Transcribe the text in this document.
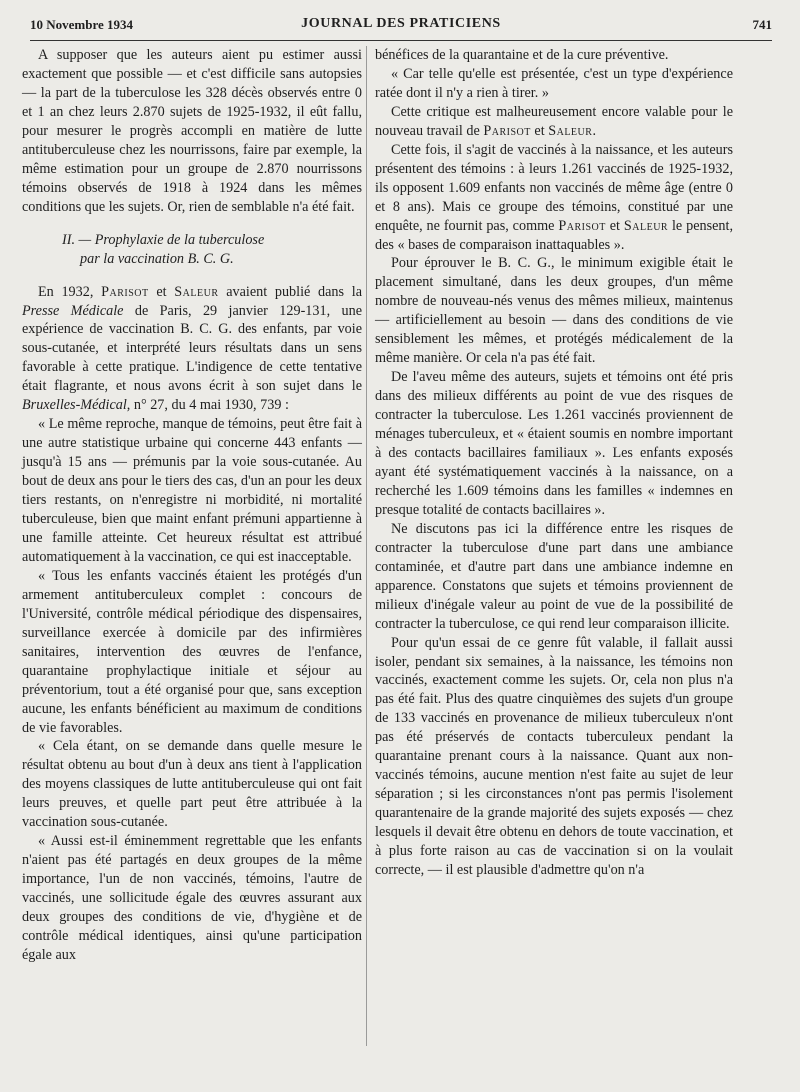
10 Novembre 1934	JOURNAL DES PRATICIENS	741

A supposer que les auteurs aient pu estimer aussi exactement que possible — et c'est difficile sans autopsies — la part de la tuberculose les 328 décès observés entre 0 et 1 an chez leurs 2.870 sujets de 1925-1932, il eût fallu, pour mesurer le progrès accompli en matière de lutte antituberculeuse chez les nourrissons, faire par exemple, la même estimation pour un groupe de 2.870 nourrissons témoins observés de 1918 à 1924 dans les mêmes conditions que les sujets. Or, rien de semblable n'a été fait.

II. — Prophylaxie de la tuberculose
par la vaccination B. C. G.

En 1932, Parisot et Saleur avaient publié dans la Presse Médicale de Paris, 29 janvier 129-131, une expérience de vaccination B. C. G. des enfants, par voie sous-cutanée, et interprété leurs résultats dans un sens favorable à cette pratique. L'indigence de cette tentative était flagrante, et nous avons écrit à son sujet dans le Bruxelles-Médical, n° 27, du 4 mai 1930, 739 :

« Le même reproche, manque de témoins, peut être fait à une autre statistique urbaine qui concerne 443 enfants — jusqu'à 15 ans — prémunis par la voie sous-cutanée. Au bout de deux ans pour le tiers des cas, d'un an pour les deux tiers restants, on n'enregistre ni morbidité, ni mortalité tuberculeuse, bien que maint enfant prémuni appartienne à une famille atteinte. Cet heureux résultat est attribué automatiquement à la vaccination, ce qui est inacceptable.

« Tous les enfants vaccinés étaient les protégés d'un armement antituberculeux complet : concours de l'Université, contrôle médical périodique des dispensaires, surveillance exercée à domicile par des infirmières sanitaires, intervention des œuvres de l'enfance, quarantaine prophylactique initiale et séjour au préventorium, tout a été organisé pour que, sans exception aucune, les enfants bénéficient au maximum de conditions de vie favorables.

« Cela étant, on se demande dans quelle mesure le résultat obtenu au bout d'un à deux ans tient à l'application des moyens classiques de lutte antituberculeuse qui ont fait leurs preuves, et quelle part peut être attribuée à la vaccination sous-cutanée.

« Aussi est-il éminemment regrettable que les enfants n'aient pas été partagés en deux groupes de la même importance, l'un de non vaccinés, témoins, l'autre de vaccinés, une sollicitude égale des œuvres assurant aux deux groupes des conditions de vie, d'hygiène et de contrôle médical identiques, ainsi qu'une participation égale aux

bénéfices de la quarantaine et de la cure préventive.

« Car telle qu'elle est présentée, c'est un type d'expérience ratée dont il n'y a rien à tirer. »

Cette critique est malheureusement encore valable pour le nouveau travail de Parisot et Saleur.

Cette fois, il s'agit de vaccinés à la naissance, et les auteurs présentent des témoins : à leurs 1.261 vaccinés de 1925-1932, ils opposent 1.609 enfants non vaccinés de même âge (entre 0 et 8 ans). Mais ce groupe des témoins, constitué par une enquête, ne fournit pas, comme Parisot et Saleur le pensent, des « bases de comparaison inattaquables ».

Pour éprouver le B. C. G., le minimum exigible était le placement simultané, dans les deux groupes, d'un même nombre de nouveau-nés venus des mêmes milieux, maintenus — artificiellement au besoin — dans des conditions de vie sensiblement les mêmes, et protégés médicalement de la même manière. Or cela n'a pas été fait.

De l'aveu même des auteurs, sujets et témoins ont été pris dans des milieux différents au point de vue des risques de contracter la tuberculose. Les 1.261 vaccinés proviennent de ménages tuberculeux, et « étaient soumis en nombre important à des contacts bacillaires familiaux ». Les enfants exposés ayant été systématiquement vaccinés à la naissance, on a recherché les 1.609 témoins dans les familles « indemnes en presque totalité de contacts bacillaires ».

Ne discutons pas ici la différence entre les risques de contracter la tuberculose d'une part dans une ambiance contaminée, et d'autre part dans une ambiance indemne en apparence. Constatons que sujets et témoins proviennent de milieux d'inégale valeur au point de vue de la possibilité de contracter la tuberculose, ce qui rend leur comparaison illicite.

Pour qu'un essai de ce genre fût valable, il fallait aussi isoler, pendant six semaines, à la naissance, les témoins non vaccinés, exactement comme les sujets. Or, cela non plus n'a pas été fait. Plus des quatre cinquièmes des sujets d'un groupe de 133 vaccinés en provenance de milieux tuberculeux n'ont pas été préservés de contacts tuberculeux pendant la quarantaine prenant cours à la naissance. Quant aux non-vaccinés témoins, aucune mention n'est faite au sujet de leur séparation ; si les circonstances n'ont pas permis l'isolement quarantenaire de la grande majorité des sujets exposés — chez lesquels il devait être obtenu en dehors de toute vaccination, et à plus forte raison au cas de vaccination si on la voulait correcte, — il est plausible d'admettre qu'on n'a
